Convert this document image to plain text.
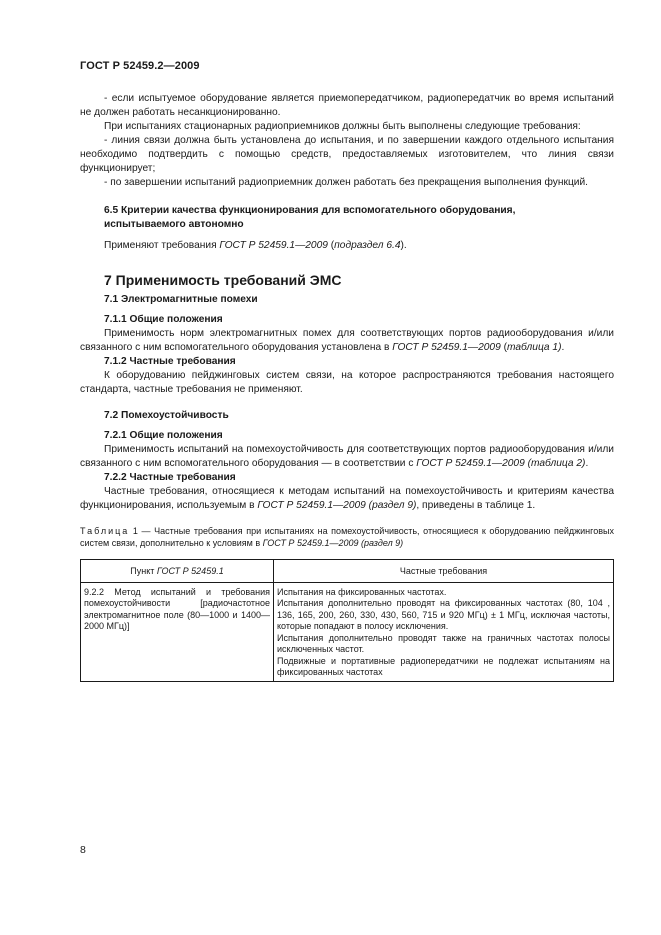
ГОСТ Р 52459.2—2009

- если испытуемое оборудование является приемопередатчиком, радиопередатчик во время испытаний не должен работать несанкционированно.

При испытаниях стационарных радиоприемников должны быть выполнены следующие требования:

- линия связи должна быть установлена до испытания, и по завершении каждого отдельного испытания необходимо подтвердить с помощью средств, предоставляемых изготовителем, что линия связи функционирует;

- по завершении испытаний радиоприемник должен работать без прекращения выполнения функций.

6.5 Критерии качества функционирования для вспомогательного оборудования,
испытываемого автономно

Применяют требования ГОСТ Р 52459.1—2009 (подраздел 6.4).

7 Применимость требований ЭМС
7.1 Электромагнитные помехи
7.1.1 Общие положения

Применимость норм электромагнитных помех для соответствующих портов радиооборудования и/или связанного с ним вспомогательного оборудования установлена в ГОСТ Р 52459.1—2009 (таблица 1).

7.1.2 Частные требования

К оборудованию пейджинговых систем связи, на которое распространяются требования настоящего стандарта, частные требования не применяют.

7.2 Помехоустойчивость
7.2.1 Общие положения

Применимость испытаний на помехоустойчивость для соответствующих портов радиооборудования и/или связанного с ним вспомогательного оборудования — в соответствии с ГОСТ Р 52459.1—2009 (таблица 2).

7.2.2 Частные требования

Частные требования, относящиеся к методам испытаний на помехоустойчивость и критериям качества функционирования, используемым в ГОСТ Р 52459.1—2009 (раздел 9), приведены в таблице 1.

Таблица 1 — Частные требования при испытаниях на помехоустойчивость, относящиеся к оборудованию пейджинговых систем связи, дополнительно к условиям в ГОСТ Р 52459.1—2009 (раздел 9)

Пункт ГОСТ Р 52459.1	Частные требования
9.2.2 Метод испытаний и требования помехоустойчивости [радиочастотное электромагнитное поле (80—1000 и 1400—2000 МГц)]	Испытания на фиксированных частотах.
Испытания дополнительно проводят на фиксированных частотах (80, 104 , 136, 165, 200, 260, 330, 430, 560, 715 и 920 МГц) ± 1 МГц, исключая частоты, которые попадают в полосу исключения.
Испытания дополнительно проводят также на граничных частотах полосы исключенных частот.
Подвижные и портативные радиопередатчики не подлежат испытаниям на фиксированных частотах
8
